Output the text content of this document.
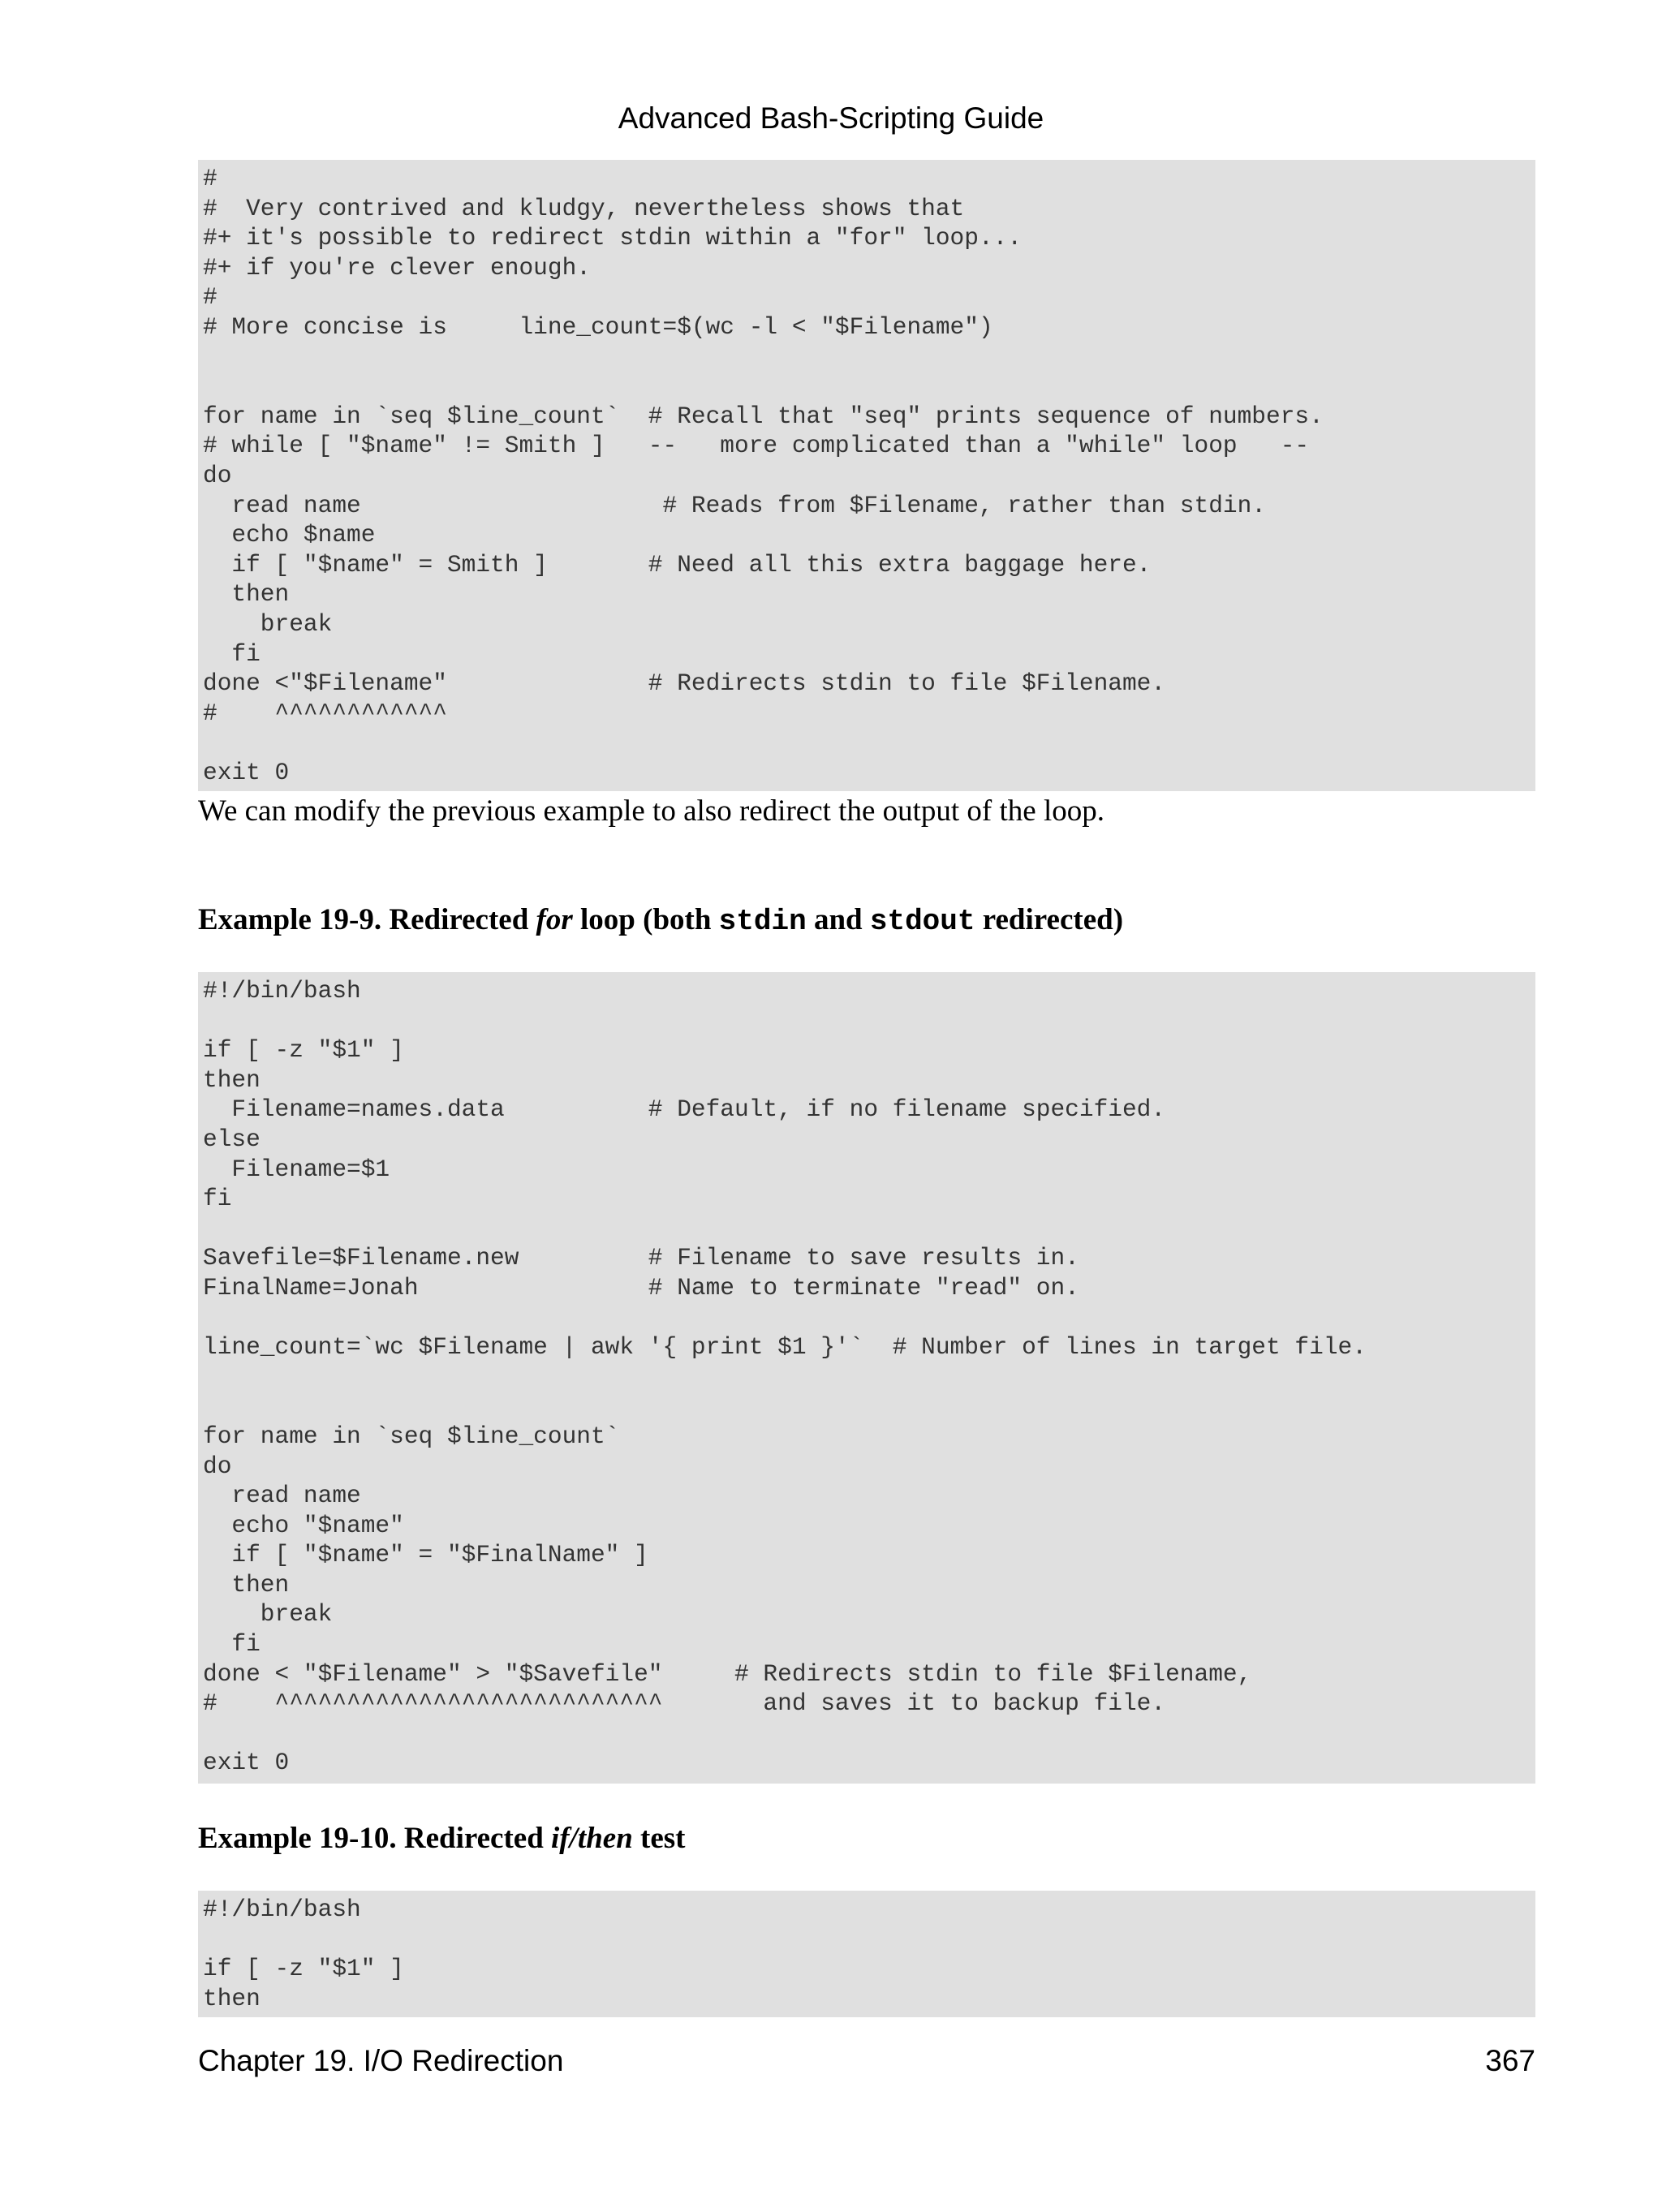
Advanced Bash-Scripting Guide
#
#  Very contrived and kludgy, nevertheless shows that
#+ it's possible to redirect stdin within a "for" loop...
#+ if you're clever enough.
#
# More concise is     line_count=$(wc -l < "$Filename")
for name in `seq $line_count`  # Recall that "seq" prints sequence of numbers.
# while [ "$name" != Smith ]   --   more complicated than a "while" loop   --
do
read name                     # Reads from $Filename, rather than stdin.
echo $name
if [ "$name" = Smith ]       # Need all this extra baggage here.
then
break
fi
done <"$Filename"              # Redirects stdin to file $Filename.
#    ^^^^^^^^^^^^
exit 0
We can modify the previous example to also redirect the output of the loop.
Example 19-9. Redirected for loop (both stdin and stdout redirected)
#!/bin/bash
if [ -z "$1" ]
then
Filename=names.data          # Default, if no filename specified.
else
Filename=$1
fi
Savefile=$Filename.new         # Filename to save results in.
FinalName=Jonah                # Name to terminate "read" on.
line_count=`wc $Filename | awk '{ print $1 }'`  # Number of lines in target file.
for name in `seq $line_count`
do
read name
echo "$name"
if [ "$name" = "$FinalName" ]
then
break
fi
done < "$Filename" > "$Savefile"     # Redirects stdin to file $Filename,
#    ^^^^^^^^^^^^^^^^^^^^^^^^^^^       and saves it to backup file.
exit 0
Example 19-10. Redirected if/then test
#!/bin/bash
if [ -z "$1" ]
then
Chapter 19. I/O Redirection	367
